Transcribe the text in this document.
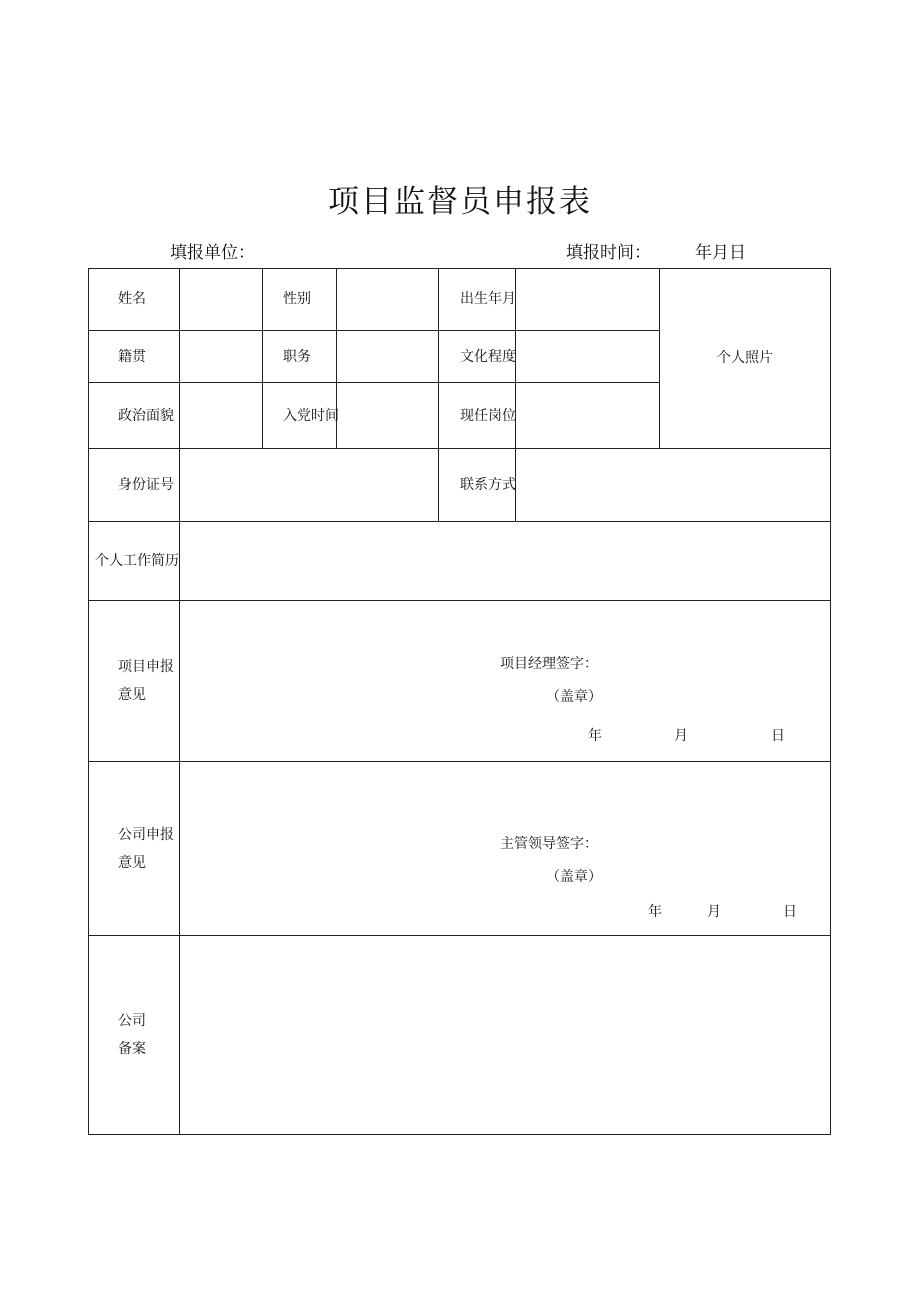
项目监督员申报表
填报单位：	填报时间：	年月日
姓名	性别	出生年月
个人照片
籍贯	职务	文化程度
政治面貌	入党时间	现任岗位
身份证号	联系方式
个人工作简历
项目申报意见
项目经理签字：
（盖章）
年	月	日
公司申报意见
主管领导签字：
（盖章）
年	月	日
公司备案
